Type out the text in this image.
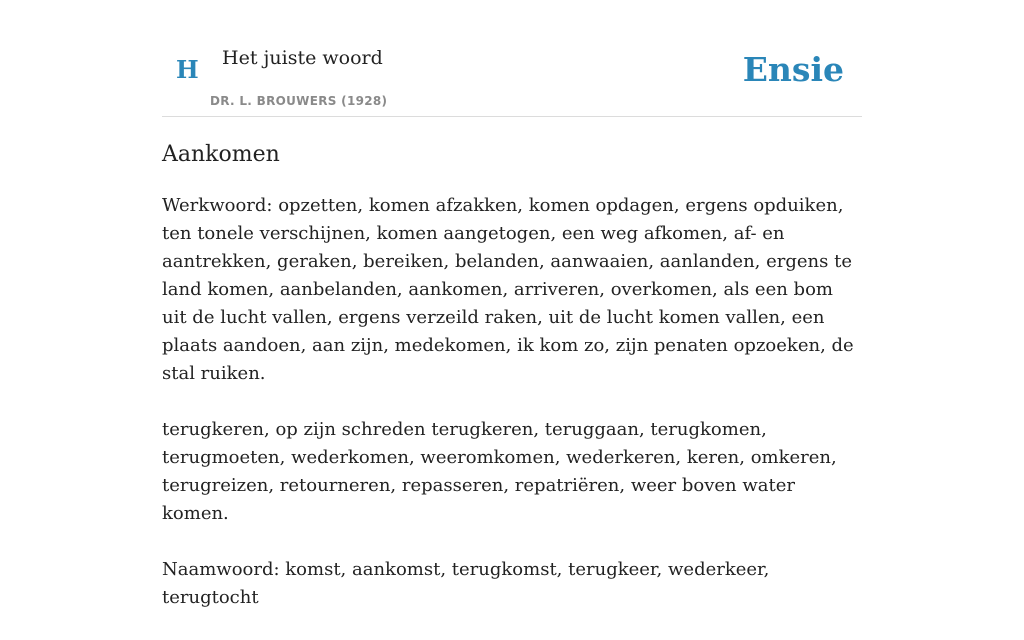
H Het juiste woord
DR. L. BROUWERS (1928)
Ensie
Aankomen

Werkwoord: opzetten, komen afzakken, komen opdagen, ergens opduiken, ten tonele verschijnen, komen aangetogen, een weg afkomen, af- en aantrekken, geraken, bereiken, belanden, aanwaaien, aanlanden, ergens te land komen, aanbelanden, aankomen, arriveren, overkomen, als een bom uit de lucht vallen, ergens verzeild raken, uit de lucht komen vallen, een plaats aandoen, aan zijn, medekomen, ik kom zo, zijn penaten opzoeken, de stal ruiken.

terugkeren, op zijn schreden terugkeren, teruggaan, terugkomen, terugmoeten, wederkomen, weeromkomen, wederkeren, keren, omkeren, terugreizen, retourneren, repasseren, repatriëren, weer boven water komen.

Naamwoord: komst, aankomst, terugkomst, terugkeer, wederkeer, terugtocht
